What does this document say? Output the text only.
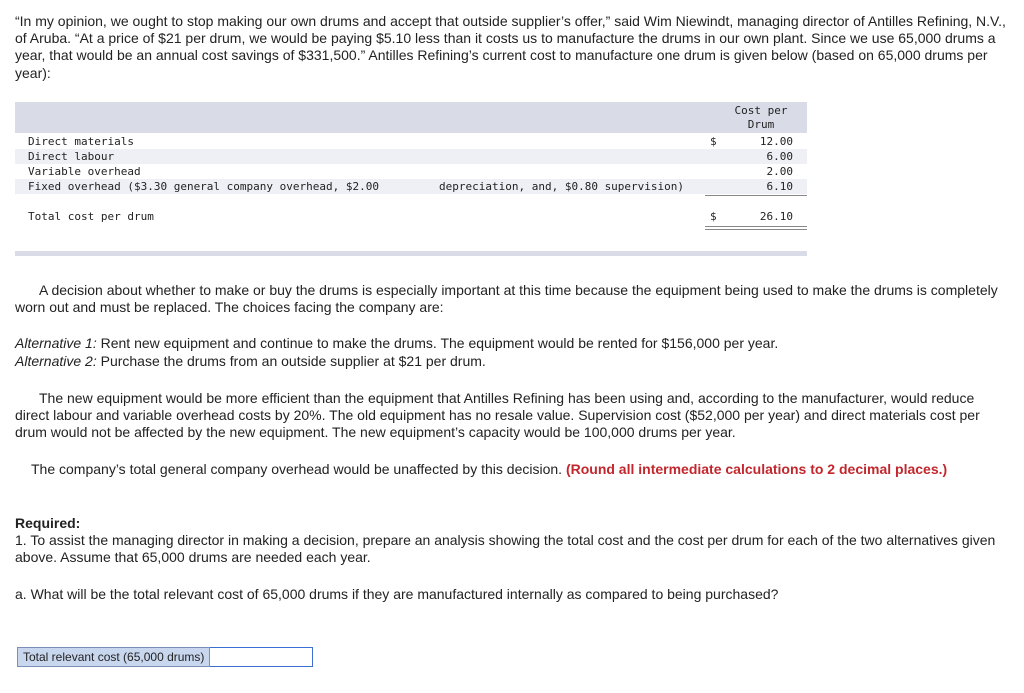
“In my opinion, we ought to stop making our own drums and accept that outside supplier’s offer,” said Wim Niewindt, managing director of Antilles Refining, N.V., of Aruba. “At a price of $21 per drum, we would be paying $5.10 less than it costs us to manufacture the drums in our own plant. Since we use 65,000 drums a year, that would be an annual cost savings of $331,500.” Antilles Refining’s current cost to manufacture one drum is given below (based on 65,000 drums per year):

Cost per
Drum
Direct materials	$	12.00
Direct labour	6.00
Variable overhead	2.00
Fixed overhead ($3.30 general company overhead, $2.00	depreciation, and, $0.80 supervision)	6.10
Total cost per drum	$	26.10

A decision about whether to make or buy the drums is especially important at this time because the equipment being used to make the drums is completely worn out and must be replaced. The choices facing the company are:

Alternative 1: Rent new equipment and continue to make the drums. The equipment would be rented for $156,000 per year.

Alternative 2: Purchase the drums from an outside supplier at $21 per drum.

The new equipment would be more efficient than the equipment that Antilles Refining has been using and, according to the manufacturer, would reduce direct labour and variable overhead costs by 20%. The old equipment has no resale value. Supervision cost ($52,000 per year) and direct materials cost per drum would not be affected by the new equipment. The new equipment’s capacity would be 100,000 drums per year.

The company’s total general company overhead would be unaffected by this decision. (Round all intermediate calculations to 2 decimal places.)

Required:

1. To assist the managing director in making a decision, prepare an analysis showing the total cost and the cost per drum for each of the two alternatives given above. Assume that 65,000 drums are needed each year.

a. What will be the total relevant cost of 65,000 drums if they are manufactured internally as compared to being purchased?

Total relevant cost (65,000 drums)
